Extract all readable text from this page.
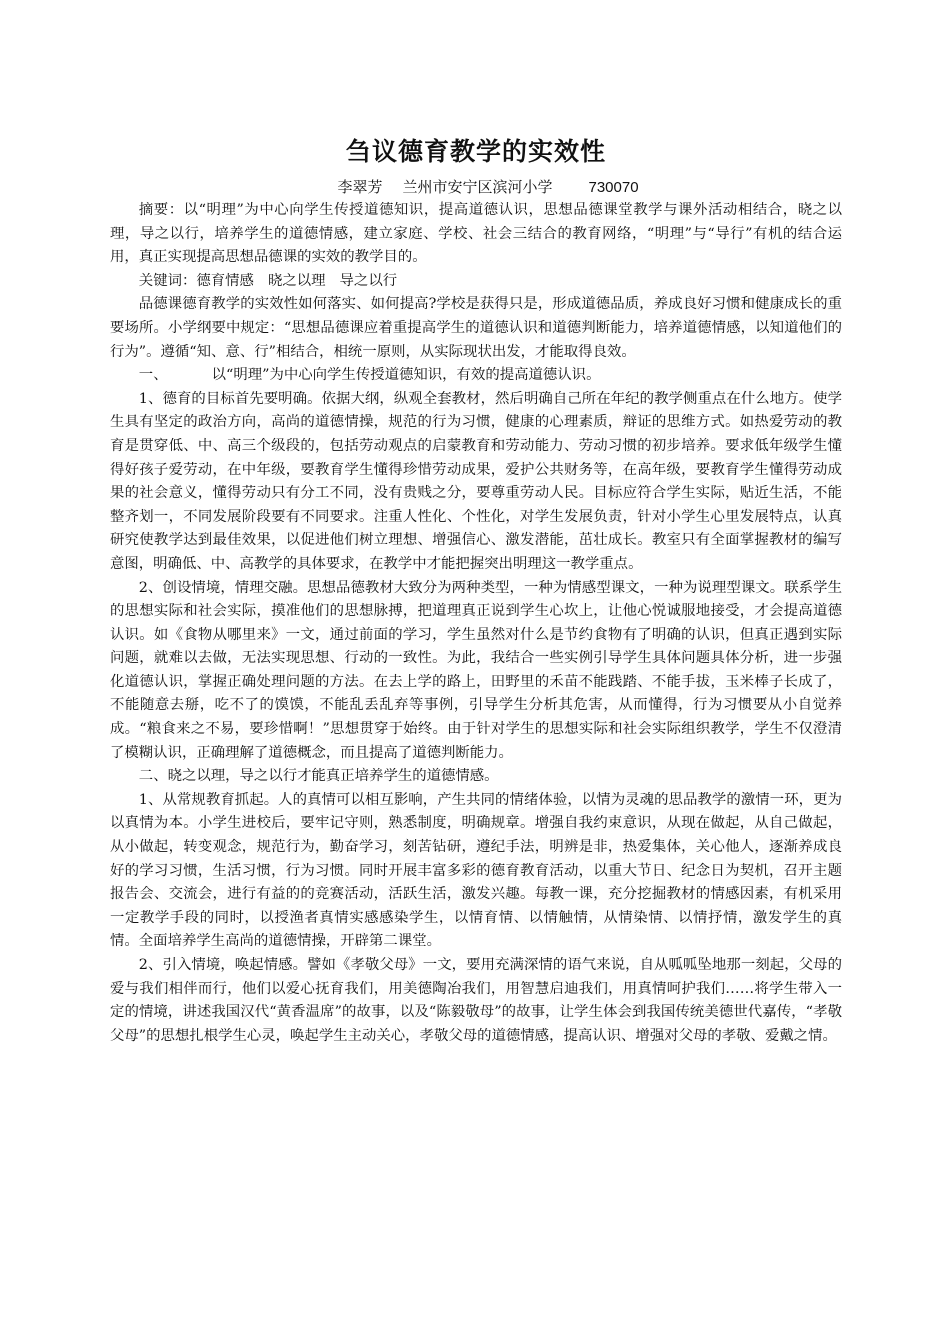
刍议德育教学的实效性
李翠芳 兰州市安宁区滨河小学 730070

摘要：以“明理”为中心向学生传授道德知识，提高道德认识，思想品德课堂教学与课外活动相结合，晓之以理，导之以行，培养学生的道德情感，建立家庭、学校、社会三结合的教育网络，“明理”与“导行”有机的结合运用，真正实现提高思想品德课的实效的教学目的。

关键词：德育情感 晓之以理 导之以行

品德课德育教学的实效性如何落实、如何提高?学校是获得只是，形成道德品质，养成良好习惯和健康成长的重要场所。小学纲要中规定：“思想品德课应着重提高学生的道德认识和道德判断能力，培养道德情感，以知道他们的行为”。遵循“知、意、行”相结合，相统一原则，从实际现状出发，才能取得良效。

一、	以“明理”为中心向学生传授道德知识，有效的提高道德认识。

1、德育的目标首先要明确。依据大纲，纵观全套教材，然后明确自己所在年纪的教学侧重点在什么地方。使学生具有坚定的政治方向，高尚的道德情操，规范的行为习惯，健康的心理素质，辩证的思维方式。如热爱劳动的教育是贯穿低、中、高三个级段的，包括劳动观点的启蒙教育和劳动能力、劳动习惯的初步培养。要求低年级学生懂得好孩子爱劳动，在中年级，要教育学生懂得珍惜劳动成果，爱护公共财务等，在高年级，要教育学生懂得劳动成果的社会意义，懂得劳动只有分工不同，没有贵贱之分，要尊重劳动人民。目标应符合学生实际，贴近生活，不能整齐划一，不同发展阶段要有不同要求。注重人性化、个性化，对学生发展负责，针对小学生心里发展特点，认真研究使教学达到最佳效果，以促进他们树立理想、增强信心、激发潜能，茁壮成长。教室只有全面掌握教材的编写意图，明确低、中、高教学的具体要求，在教学中才能把握突出明理这一教学重点。

2、创设情境，情理交融。思想品德教材大致分为两种类型，一种为情感型课文，一种为说理型课文。联系学生的思想实际和社会实际，摸准他们的思想脉搏，把道理真正说到学生心坎上，让他心悦诚服地接受，才会提高道德认识。如《食物从哪里来》一文，通过前面的学习，学生虽然对什么是节约食物有了明确的认识，但真正遇到实际问题，就难以去做，无法实现思想、行动的一致性。为此，我结合一些实例引导学生具体问题具体分析，进一步强化道德认识，掌握正确处理问题的方法。在去上学的路上，田野里的禾苗不能践踏、不能手拔，玉米棒子长成了，不能随意去掰，吃不了的馍馍，不能乱丢乱弃等事例，引导学生分析其危害，从而懂得，行为习惯要从小自觉养成。“粮食来之不易，要珍惜啊！”思想贯穿于始终。由于针对学生的思想实际和社会实际组织教学，学生不仅澄清了模糊认识，正确理解了道德概念，而且提高了道德判断能力。

二、晓之以理，导之以行才能真正培养学生的道德情感。

1、从常规教育抓起。人的真情可以相互影响，产生共同的情绪体验，以情为灵魂的思品教学的激情一环，更为以真情为本。小学生进校后，要牢记守则，熟悉制度，明确规章。增强自我约束意识，从现在做起，从自己做起，从小做起，转变观念，规范行为，勤奋学习，刻苦钻研，遵纪手法，明辨是非，热爱集体，关心他人，逐渐养成良好的学习习惯，生活习惯，行为习惯。同时开展丰富多彩的德育教育活动，以重大节日、纪念日为契机，召开主题报告会、交流会，进行有益的的竞赛活动，活跃生活，激发兴趣。每教一课，充分挖掘教材的情感因素，有机采用一定教学手段的同时，以授渔者真情实感感染学生，以情育情、以情触情，从情染情、以情抒情，激发学生的真情。全面培养学生高尚的道德情操，开辟第二课堂。

2、引入情境，唤起情感。譬如《孝敬父母》一文，要用充满深情的语气来说，自从呱呱坠地那一刻起，父母的爱与我们相伴而行，他们以爱心抚育我们，用美德陶冶我们，用智慧启迪我们，用真情呵护我们……将学生带入一定的情境，讲述我国汉代“黄香温席”的故事，以及“陈毅敬母”的故事，让学生体会到我国传统美德世代嘉传，“孝敬父母”的思想扎根学生心灵，唤起学生主动关心，孝敬父母的道德情感，提高认识、增强对父母的孝敬、爱戴之情。
